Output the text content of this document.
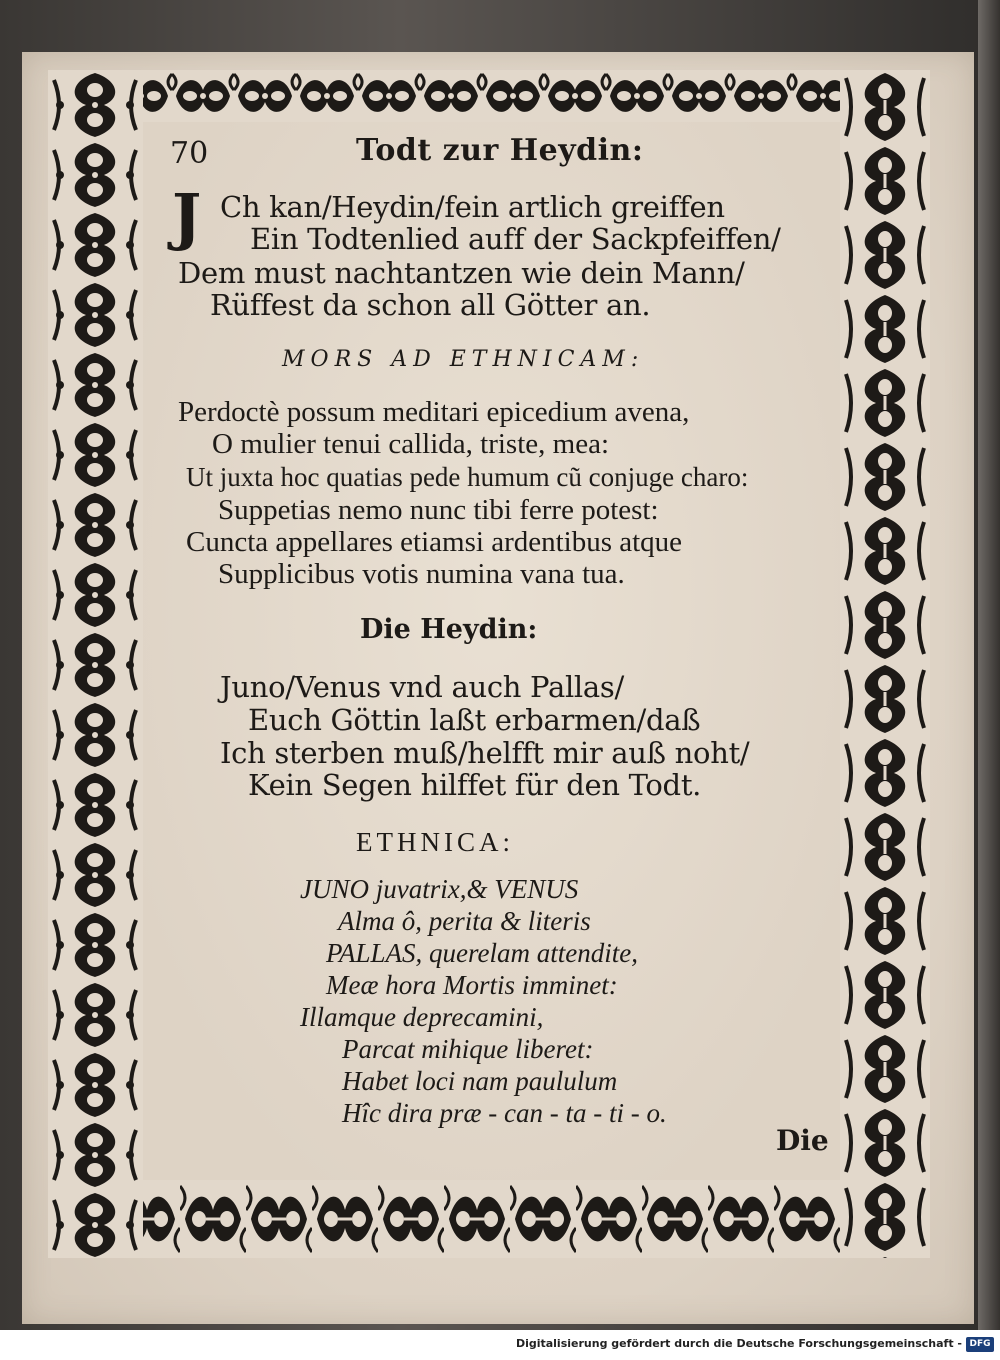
70	Todt zur Heydin:
J Ch kan/Heydin/fein artlich greiffen
Ein Todtenlied auff der Sackpfeiffen/
Dem must nachtantzen wie dein Mann/
Rüffest da schon all Götter an.
MORS AD ETHNICAM:
Perdoctè possum meditari epicedium avena,
O mulier tenui callida, triste, mea:
Ut juxta hoc quatias pede humum cũ conjuge charo:
Suppetias nemo nunc tibi ferre potest:
Cuncta appellares etiamsi ardentibus atque
Supplicibus votis numina vana tua.
Die Heydin:
Juno/Venus vnd auch Pallas/
Euch Göttin laßt erbarmen/daß
Ich sterben muß/helfft mir auß noht/
Kein Segen hilffet für den Todt.
ETHNICA:
JUNO juvatrix,& VENUS
Alma ô, perita & literis
PALLAS, querelam attendite,
Meæ hora Mortis imminet:
Illamque deprecamini,
Parcat mihique liberet:
Habet loci nam paululum
Hîc dira præ - can - ta - ti - o.
Die
Digitalisierung gefördert durch die Deutsche Forschungsgemeinschaft - DFG
